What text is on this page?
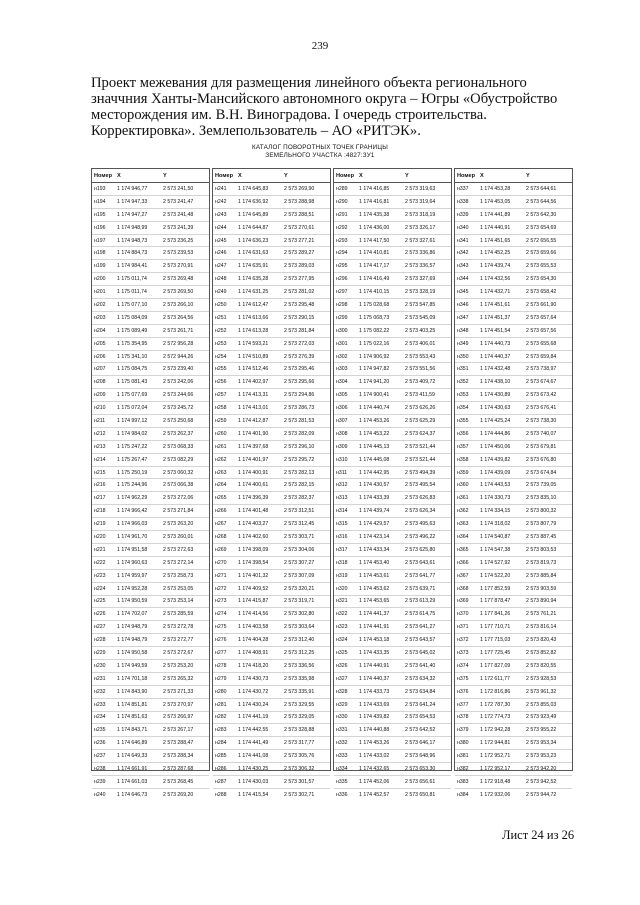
239
Проект межевания для размещения линейного объекта регионального значчния Ханты-Мансийского автономного округа – Югры «Обустройство месторождения им. В.Н. Виноградова. I очередь строительства. Корректировка». Землепользователь – АО «РИТЭК».
КАТАЛОГ ПОВОРОТНЫХ ТОЧЕК ГРАНИЦЫ
ЗЕМЕЛЬНОГО УЧАСТКА :4827:ЗУ1
Номер X	Y
н193	1 174 946,77	2 573 241,50
н194	1 174 947,33	2 573 241,47
н195	1 174 947,27	2 573 241,48
н196	1 174 948,99	2 573 241,39
н197	1 174 948,73	2 573 236,25
н198	1 174 884,73	2 573 239,53
н199	1 174 984,41	2 573 270,91
н200	1 175 011,74	2 573 269,48
н201	1 175 011,74	2 573 269,50
н202	1 175 077,10	2 573 266,10
н203	1 175 084,09	2 573 264,56
н204	1 175 089,49	2 573 261,71
н205	1 175 354,95	2 572 956,28
н206	1 175 341,10	2 572 944,26
н207	1 175 084,75	2 573 239,40
н208	1 175 081,43	2 573 242,06
н209	1 175 077,69	2 573 244,66
н210	1 175 072,04	2 573 245,72
н211	1 174 997,12	2 573 250,68
н212	1 174 984,02	2 573 262,37
н213	1 175 247,22	2 573 068,33
н214	1 175 267,47	2 573 082,29
н215	1 175 250,19	2 573 060,32
н216	1 175 244,96	2 573 066,38
н217	1 174 962,29	2 573 272,06
н218	1 174 966,42	2 573 271,84
н219	1 174 966,03	2 573 263,20
н220	1 174 961,70	2 573 260,01
н221	1 174 951,58	2 573 272,63
н222	1 174 960,63	2 573 272,14
н223	1 174 959,97	2 573 258,73
н224	1 174 952,28	2 573 253,05
н225	1 174 950,59	2 573 253,14
н226	1 174 702,07	2 573 285,59
н227	1 174 948,79	2 573 272,78
н228	1 174 948,79	2 573 272,77
н229	1 174 950,58	2 573 272,67
н230	1 174 949,59	2 573 253,20
н231	1 174 701,18	2 573 265,32
н232	1 174 843,90	2 573 271,33
н233	1 174 851,81	2 573 270,97
н234	1 174 851,63	2 573 266,97
н235	1 174 843,71	2 573 267,17
н236	1 174 646,89	2 573 288,47
н237	1 174 649,33	2 573 288,34
н238	1 174 661,91	2 573 287,68
н239	1 174 661,03	2 573 268,45
н240	1 174 646,73	2 573 269,20
Номер X	Y
н241	1 174 645,83	2 573 269,90
н242	1 174 636,92	2 573 288,98
н243	1 174 645,89	2 573 288,51
н244	1 174 644,87	2 573 270,61
н245	1 174 636,23	2 573 277,21
н246	1 174 631,63	2 573 289,27
н247	1 174 635,91	2 573 289,03
н248	1 174 635,28	2 573 277,95
н249	1 174 631,25	2 573 281,02
н250	1 174 612,47	2 573 295,48
н251	1 174 613,66	2 573 290,15
н252	1 174 613,28	2 573 281,84
н253	1 174 593,21	2 573 272,03
н254	1 174 510,89	2 573 276,39
н255	1 174 512,46	2 573 295,46
н256	1 174 402,97	2 573 295,66
н257	1 174 413,31	2 573 294,86
н258	1 174 413,01	2 573 286,73
н259	1 174 412,87	2 573 281,53
н260	1 174 401,90	2 573 282,09
н261	1 174 397,68	2 573 296,10
н262	1 174 401,97	2 573 295,72
н263	1 174 400,91	2 573 282,13
н264	1 174 400,61	2 573 282,15
н265	1 174 396,39	2 573 282,37
н266	1 174 401,48	2 573 312,51
н267	1 174 403,27	2 573 312,45
н268	1 174 402,60	2 573 303,71
н269	1 174 398,09	2 573 304,06
н270	1 174 398,54	2 573 307,27
н271	1 174 401,32	2 573 307,09
н272	1 174 409,52	2 573 320,21
н273	1 174 415,87	2 573 319,71
н274	1 174 414,56	2 573 302,80
н275	1 174 403,58	2 573 303,64
н276	1 174 404,28	2 573 312,40
н277	1 174 408,91	2 573 312,25
н278	1 174 418,20	2 573 336,56
н279	1 174 430,73	2 573 335,98
н280	1 174 430,72	2 573 335,91
н281	1 174 430,24	2 573 329,55
н282	1 174 441,19	2 573 329,05
н283	1 174 442,55	2 573 328,88
н284	1 174 441,49	2 573 317,77
н285	1 174 441,08	2 573 305,76
н286	1 174 430,25	2 573 306,32
н287	1 174 430,03	2 573 301,57
н288	1 174 415,54	2 573 302,71
Номер X	Y
н289	1 174 416,85	2 573 319,63
н290	1 174 416,81	2 573 319,64
н291	1 174 435,38	2 573 318,19
н292	1 174 436,00	2 573 326,17
н293	1 174 417,50	2 573 327,61
н294	1 174 410,81	2 573 336,86
н295	1 174 417,17	2 573 336,57
н296	1 174 416,49	2 573 327,69
н297	1 174 410,15	2 573 328,19
н298	1 175 028,68	2 573 547,85
н299	1 175 068,73	2 573 545,09
н300	1 175 082,22	2 573 403,25
н301	1 175 022,16	2 573 406,01
н302	1 174 906,92	2 573 553,43
н303	1 174 947,82	2 573 551,56
н304	1 174 941,20	2 573 409,72
н305	1 174 900,41	2 573 411,59
н306	1 174 440,74	2 573 626,26
н307	1 174 453,26	2 573 625,29
н308	1 174 453,22	2 573 624,37
н309	1 174 445,13	2 573 521,44
н310	1 174 445,08	2 573 521,44
н311	1 174 442,95	2 573 494,39
н312	1 174 430,57	2 573 495,54
н313	1 174 433,39	2 573 626,83
н314	1 174 439,74	2 573 626,34
н315	1 174 429,57	2 573 495,63
н316	1 174 423,14	2 573 496,22
н317	1 174 433,34	2 573 625,80
н318	1 174 453,40	2 573 643,61
н319	1 174 453,61	2 573 641,77
н320	1 174 453,62	2 573 639,71
н321	1 174 453,65	2 573 613,29
н322	1 174 441,37	2 573 614,75
н323	1 174 441,91	2 573 641,27
н324	1 174 453,18	2 573 643,57
н325	1 174 433,35	2 573 645,02
н326	1 174 440,91	2 573 641,40
н327	1 174 440,37	2 573 634,32
н328	1 174 433,73	2 573 634,84
н329	1 174 433,69	2 573 641,24
н330	1 174 439,82	2 573 654,53
н331	1 174 440,88	2 573 642,52
н332	1 174 453,26	2 573 646,17
н333	1 174 433,02	2 573 648,96
н334	1 174 432,65	2 573 653,30
н335	1 174 452,06	2 573 656,61
н336	1 174 452,57	2 573 650,81
Номер X	Y
н337	1 174 453,28	2 573 644,61
н338	1 174 453,05	2 573 644,56
н339	1 174 441,89	2 573 642,30
н340	1 174 440,91	2 573 654,69
н341	1 174 451,65	2 572 656,55
н342	1 174 452,25	2 573 659,66
н343	1 174 439,74	2 573 655,53
н344	1 174 432,56	2 573 654,30
н345	1 174 432,71	2 573 658,42
н346	1 174 451,61	2 573 661,90
н347	1 174 451,37	2 573 657,64
н348	1 174 451,54	2 573 657,56
н349	1 174 440,73	2 573 655,68
н350	1 174 440,37	2 573 659,84
н351	1 174 432,48	2 573 738,97
н352	1 174 438,10	2 573 674,67
н353	1 174 430,89	2 573 673,42
н354	1 174 430,63	2 573 676,41
н355	1 174 425,24	2 573 738,30
н356	1 174 444,86	2 573 740,07
н357	1 174 450,06	2 573 679,81
н358	1 174 439,82	2 573 676,80
н359	1 174 439,09	2 573 674,84
н360	1 174 443,53	2 573 739,05
н361	1 174 330,73	2 573 835,10
н362	1 174 334,15	2 573 800,32
н363	1 174 318,02	2 573 807,79
н364	1 174 540,87	2 573 887,45
н365	1 174 547,38	2 573 803,53
н366	1 174 527,92	2 573 819,73
н367	1 174 522,20	2 573 885,84
н368	1 177 852,59	2 573 903,59
н369	1 177 878,47	2 573 890,94
н370	1 177 841,26	2 573 761,21
н371	1 177 710,71	2 573 816,14
н372	1 177 715,03	2 573 820,43
н373	1 177 725,45	2 573 852,82
н374	1 177 827,09	2 573 820,55
н375	1 172 611,77	2 573 928,53
н376	1 172 816,86	2 573 961,32
н377	1 172 787,30	2 573 855,03
н378	1 172 774,73	2 573 923,49
н379	1 172 942,28	2 573 955,22
н380	1 172 944,81	2 573 953,34
н381	1 172 952,71	2 573 953,23
н382	1 172 952,17	2 573 942,20
н383	1 172 918,48	2 573 942,52
н384	1 172 932,06	2 573 944,72
Лист 24 из 26
